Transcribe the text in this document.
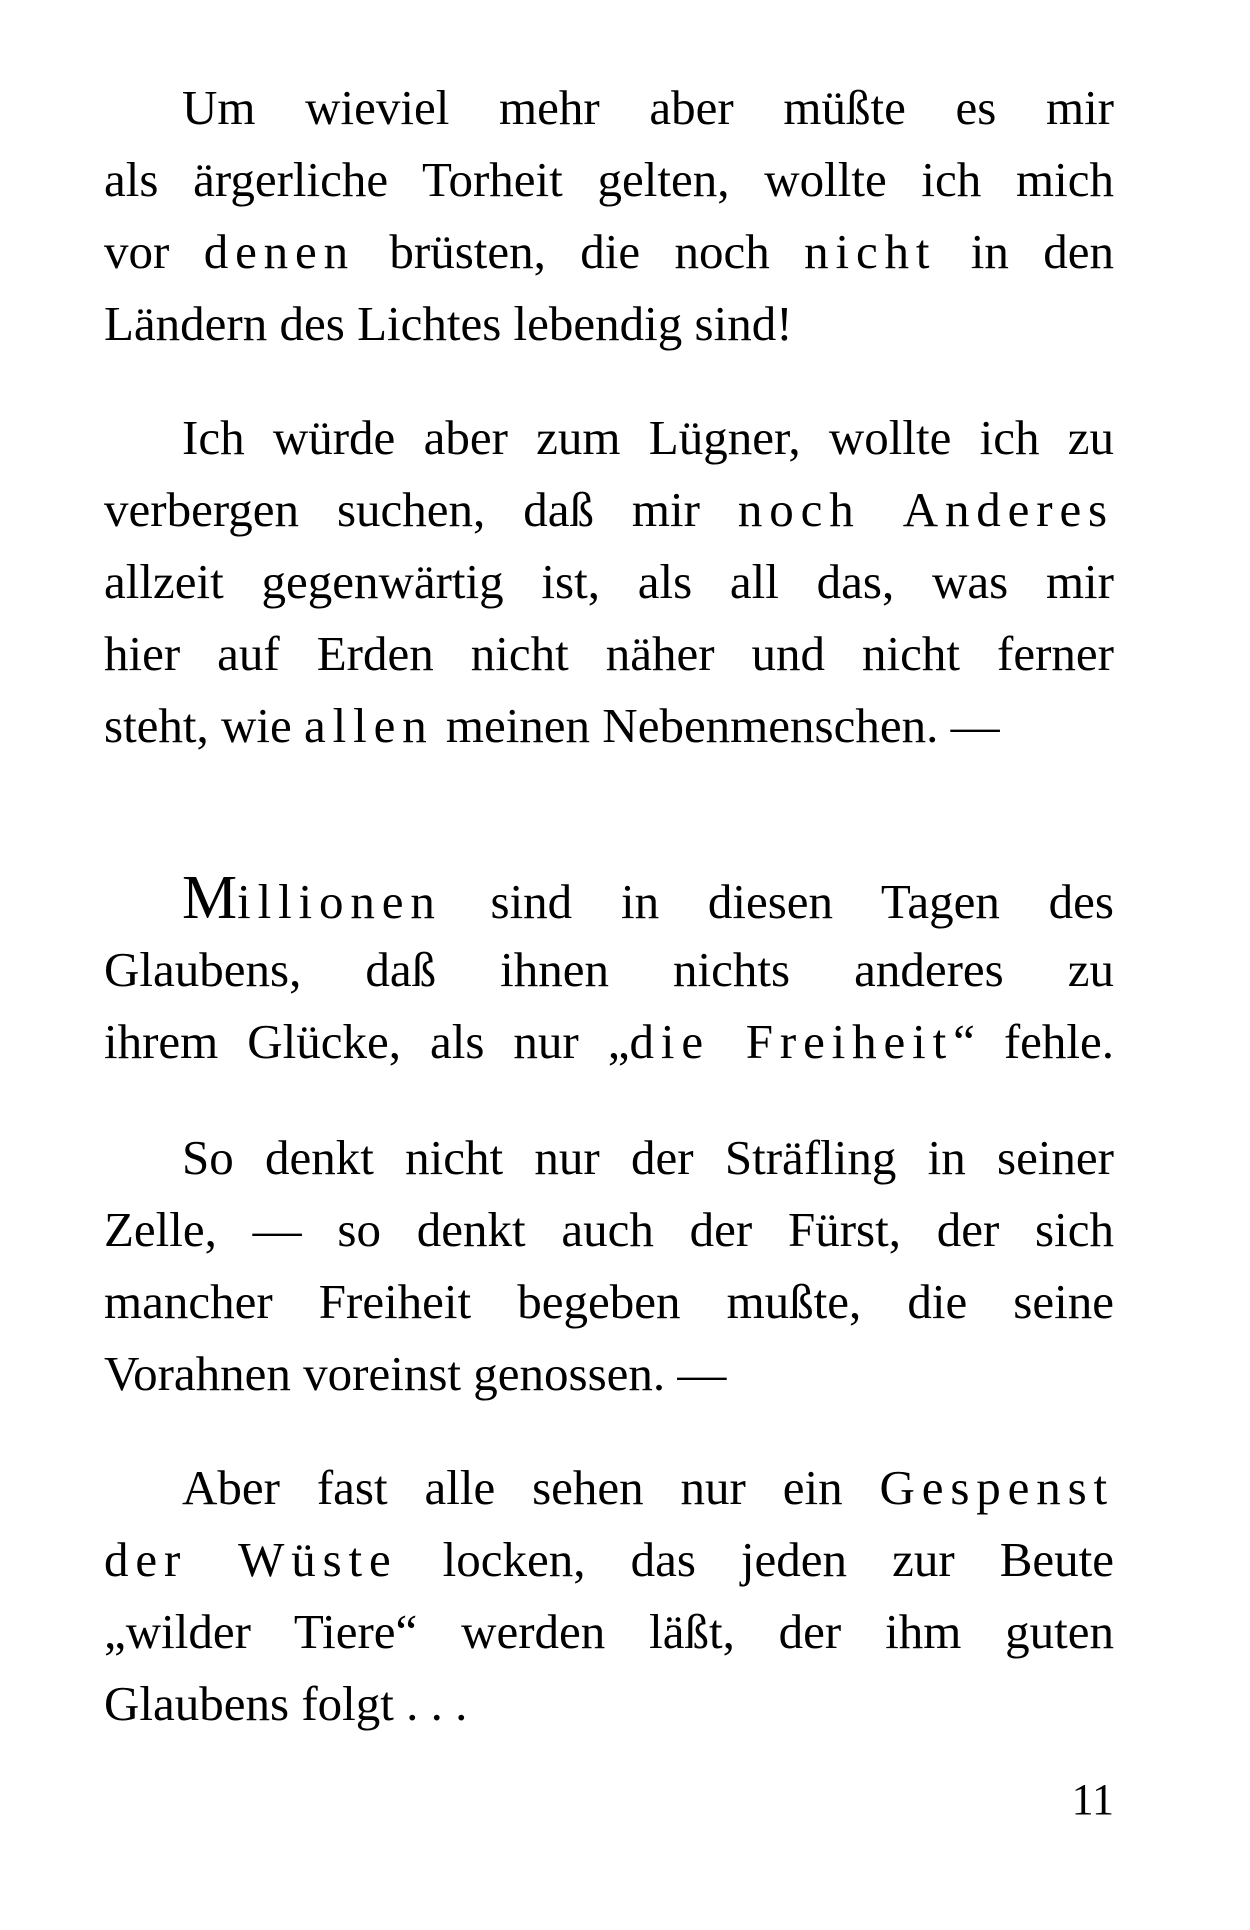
Um wieviel mehr aber müßte es mir
als ärgerliche Torheit gelten, wollte ich mich
vor denen brüsten, die noch nicht in den
Ländern des Lichtes lebendig sind!
Ich würde aber zum Lügner, wollte ich zu
verbergen suchen, daß mir noch Anderes
allzeit gegenwärtig ist, als all das, was mir
hier auf Erden nicht näher und nicht ferner
steht, wie allen meinen Nebenmenschen. —
Millionen sind in diesen Tagen des
Glaubens, daß ihnen nichts anderes zu
ihrem Glücke, als nur „die Freiheit“ fehle.
So denkt nicht nur der Sträfling in seiner
Zelle, — so denkt auch der Fürst, der sich
mancher Freiheit begeben mußte, die seine
Vorahnen voreinst genossen. —
Aber fast alle sehen nur ein Gespenst
der Wüste locken, das jeden zur Beute
„wilder Tiere“ werden läßt, der ihm guten
Glaubens folgt . . .
11
